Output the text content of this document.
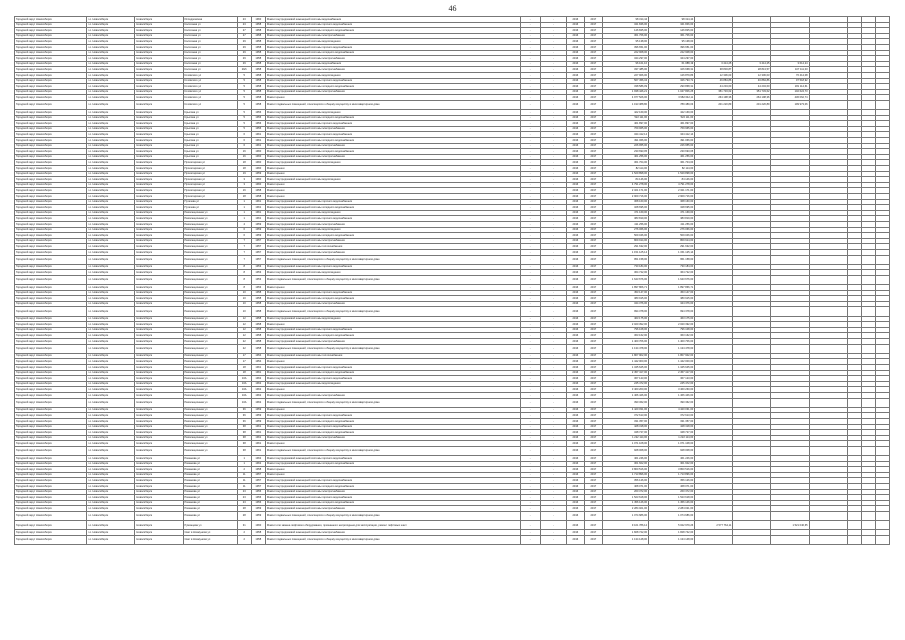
46
Городской округ Новосибирск	г.о. Новосибирск	Новосибирск	Ипподромская	23	1960	Ремонт внутридомовой инженерной системы водоснабжения	-	-	2016	2017	98 314,44	98 314,44							
Городской округ Новосибирск	г.о. Новосибирск	Новосибирск	Колхозная ул	23	1958	Ремонт внутридомовой инженерной системы горячего водоснабжения	-	-	2016	2017	341 846,00	341 846,00							
Городской округ Новосибирск	г.о. Новосибирск	Новосибирск	Колхозная ул	27	1958	Ремонт внутридомовой инженерной системы холодного водоснабжения	-	-	2016	2017	146 825,00	146 825,00							
Городской округ Новосибирск	г.о. Новосибирск	Новосибирск	Колхозная ул	27	1958	Ремонт внутридомовой инженерной системы электроснабжения	-	-	2016	2017	361 706,00	361 706,00							
Городской округ Новосибирск	г.о. Новосибирск	Новосибирск	Колхозная ул	29	1958	Ремонт внутридомовой инженерной системы водоотведения	-	-	2016	2017	95 138,00	95 138,00							
Городской округ Новосибирск	г.о. Новосибирск	Новосибирск	Колхозная ул	29	1958	Ремонт внутридомовой инженерной системы горячего водоснабжения	-	-	2016	2017	396 651,00	396 651,00							
Городской округ Новосибирск	г.о. Новосибирск	Новосибирск	Колхозная ул	29	1958	Ремонт внутридомовой инженерной системы холодного водоснабжения	-	-	2016	2017	222 908,00	222 908,00							
Городской округ Новосибирск	г.о. Новосибирск	Новосибирск	Колхозная ул	29	1958	Ремонт внутридомовой инженерной системы электроснабжения	-	-	2016	2017	344 297,00	344 297,00							
Городской округ Новосибирск	г.о. Новосибирск	Новосибирск	Колхозная ул	29	1958	Ремонт внутридомовой инженерной системы водоснабжения	-	-	2016	2017	96 101,10	61 088,19	3 414,25	3 414,25	3 614,24				
Городской округ Новосибирск	г.о. Новосибирск	Новосибирск	Колхозная ул	29/1	1958	Ремонт внутридомовой инженерной системы электроснабжения	-	-	2016	2017	337 485,00	106 668,31	38 803,87	28 813,57	107 111,03				
Городской округ Новосибирск	г.о. Новосибирск	Новосибирск	Котовского ул	5	1958	Ремонт внутридомовой инженерной системы водоотведения	-	-	2016	2017	227 906,00	126 879,86	12 306,03	12 306,03	76 414,08				
Городской округ Новосибирск	г.о. Новосибирск	Новосибирск	Котовского ул	5	1958	Ремонт внутридомовой инженерной системы горячего водоснабжения	-	-	2016	2017	567 456,34	326 793,71	46 884,86	46 884,86	97 518,92				
Городской округ Новосибирск	г.о. Новосибирск	Новосибирск	Котовского ул	5	1958	Ремонт внутридомовой инженерной системы холодного водоснабжения	-	-	2016	2017	338 586,09	290 868,31	44 204,60	44 204,60	181 114,61				
Городской округ Новосибирск	г.о. Новосибирск	Новосибирск	Котовского ул	5	1958	Ремонт внутридомовой инженерной системы электроснабжения	-	-	2016	2017	1 938 446,21	1 047 806,25	351 733,62	351 733,62	102 624,73				
Городской округ Новосибирск	г.о. Новосибирск	Новосибирск	Котовского ул	5	1958	Ремонт крыши	-	-	2016	2017	4 977 526,00	3 982 642,11	264 198,36	264 198,36	436 062,74				
Городской округ Новосибирск	г.о. Новосибирск	Новосибирск	Котовского ул	5	1958	Ремонт подвальных помещений, относящихся к общему имуществу в многоквартирном доме	-	-	2016	2017	1 193 388,80	789 489,03	201 220,89	201 220,89	199 973,06				
Городской округ Новосибирск	г.о. Новосибирск	Новосибирск	Крылова ул	5	1956	Ремонт внутридомовой инженерной системы водоотведения	-	-	2016	2017	422 169,00	422 169,00							
Городской округ Новосибирск	г.о. Новосибирск	Новосибирск	Крылова ул	5	1956	Ремонт внутридомовой инженерной системы холодного водоснабжения	-	-	2016	2017	522 111,00	522 111,00							
Городской округ Новосибирск	г.о. Новосибирск	Новосибирск	Крылова ул	5	1956	Ремонт внутридомовой инженерной системы горячего водоснабжения	-	-	2016	2017	461 897,00	461 897,00							
Городской округ Новосибирск	г.о. Новосибирск	Новосибирск	Крылова ул	5	1956	Ремонт внутридомовой инженерной системы электроснабжения	-	-	2016	2017	769 965,00	769 965,00							
Городской округ Новосибирск	г.о. Новосибирск	Новосибирск	Крылова ул	6	1961	Ремонт внутридомовой инженерной системы горячего водоснабжения	-	-	2016	2017	344 412,14	344 412,14							
Городской округ Новосибирск	г.о. Новосибирск	Новосибирск	Крылова ул	6	1961	Ремонт внутридомовой инженерной системы холодного водоснабжения	-	-	2016	2017	491 066,00	491 066,00							
Городской округ Новосибирск	г.о. Новосибирск	Новосибирск	Крылова ул	6	1961	Ремонт внутридомовой инженерной системы электроснабжения	-	-	2016	2017	226 955,00	226 955,00							
Городской округ Новосибирск	г.о. Новосибирск	Новосибирск	Крылова ул	16	1960	Ремонт внутридомовой инженерной системы холодного водоснабжения	-	-	2016	2017	230 693,05	230 693,05							
Городской округ Новосибирск	г.о. Новосибирск	Новосибирск	Крылова ул	16	1960	Ремонт внутридомовой инженерной системы электроснабжения	-	-	2016	2017	461 256,00	461 256,00							
Городской округ Новосибирск	г.о. Новосибирск	Новосибирск	Пролетарская ул	18	1960	Ремонт внутридомовой инженерной системы водоотведения	-	-	2016	2017	361 704,00	361 704,00							
Городской округ Новосибирск	г.о. Новосибирск	Новосибирск	Пролетарская ул	18	1960	Ремонт крыши	-	-	2016	2017	82 114,00	82 114,00							
Городской округ Новосибирск	г.о. Новосибирск	Новосибирск	Пролетарская ул	19	1959	Ремонт крыши	-	-	2016	2017	1 529 898,00	1 529 898,00							
Городской округ Новосибирск	г.о. Новосибирск	Новосибирск	Пролетарская ул	3	1960	Ремонт внутридомовой инженерной системы водоотведения	-	-	2016	2017	84 146,00	84 146,00							
Городской округ Новосибирск	г.о. Новосибирск	Новосибирск	Пролетарская ул	3	1960	Ремонт крыши	-	-	2016	2017	4 791 278,00	4 791 278,00							
Городской округ Новосибирск	г.о. Новосибирск	Новосибирск	Пролетарская ул	16	1958	Ремонт крыши	-	-	2016	2017	2 321 171,00	2 321 171,00							
Городской округ Новосибирск	г.о. Новосибирск	Новосибирск	Пролетарская ул	18	1958	Ремонт крыши	-	-	2016	2017	2 909 716,00	2 909 716,00							
Городской округ Новосибирск	г.о. Новосибирск	Новосибирск	Пугачева ул	1	1961	Ремонт внутридомовой инженерной системы горячего водоснабжения	-	-	2016	2017	368 160,00	368 160,00							
Городской округ Новосибирск	г.о. Новосибирск	Новосибирск	Пугачева ул	1	1961	Ремонт внутридомовой инженерной системы холодного водоснабжения	-	-	2016	2017	328 695,00	328 695,00							
Городской округ Новосибирск	г.о. Новосибирск	Новосибирск	Революционная ул	1	1961	Ремонт внутридомовой инженерной системы водоотведения	-	-	2016	2017	471 169,00	471 169,00							
Городской округ Новосибирск	г.о. Новосибирск	Новосибирск	Революционная ул	1	1961	Ремонт внутридомовой инженерной системы горячего водоснабжения	-	-	2016	2017	383 819,00	383 819,00							
Городской округ Новосибирск	г.о. Новосибирск	Новосибирск	Революционная ул	4	1959	Ремонт внутридомовой инженерной системы электроснабжения	-	-	2016	2017	411 256,00	411 256,00							
Городской округ Новосибирск	г.о. Новосибирск	Новосибирск	Революционная ул	6	1959	Ремонт внутридомовой инженерной системы водоотведения	-	-	2016	2017	276 066,00	276 066,00							
Городской округ Новосибирск	г.о. Новосибирск	Новосибирск	Революционная ул	6	1959	Ремонт внутридомовой инженерной системы холодного водоснабжения	-	-	2016	2017	509 046,00	509 046,00							
Городской округ Новосибирск	г.о. Новосибирск	Новосибирск	Революционная ул	7	1957	Ремонт внутридомовой инженерной системы электроснабжения	-	-	2016	2017	809 914,00	809 914,00							
Городской округ Новосибирск	г.о. Новосибирск	Новосибирск	Революционная ул	7	1957	Ремонт внутридомовой инженерной системы теплоснабжения	-	-	2016	2017	291 632,00	291 632,00							
Городской округ Новосибирск	г.о. Новосибирск	Новосибирск	Революционная ул	7	1957	Ремонт внутридомовой инженерной системы электроснабжения	-	-	2016	2017	1 151 125,14	1 151 125,14							
Городской округ Новосибирск	г.о. Новосибирск	Новосибирск	Революционная ул	7	1957	Ремонт подвальных помещений, относящихся к общему имуществу в многоквартирном доме	-	-	2016	2017	951 158,00	951 158,00							
Городской округ Новосибирск	г.о. Новосибирск	Новосибирск	Революционная ул	8	1953	Ремонт внутридомовой инженерной системы горячего водоснабжения	-	-	2016	2017	730 184,00	730 184,00							
Городской округ Новосибирск	г.о. Новосибирск	Новосибирск	Революционная ул	8	1953	Ремонт внутридомовой инженерной системы водоотведения	-	-	2016	2017	364 722,00	364 722,00							
Городской округ Новосибирск	г.о. Новосибирск	Новосибирск	Революционная ул	8	1953	Ремонт подвальных помещений, относящихся к общему имуществу в многоквартирном доме	-	-	2016	2017	1 643 676,00	1 643 676,00							
Городской округ Новосибирск	г.о. Новосибирск	Новосибирск	Революционная ул	8	1953	Ремонт крыши	-	-	2016	2017	1 897 866,71	1 897 866,71							
Городской округ Новосибирск	г.о. Новосибирск	Новосибирск	Революционная ул	10	1958	Ремонт внутридомовой инженерной системы горячего водоснабжения	-	-	2016	2017	453 147,00	453 147,00							
Городской округ Новосибирск	г.о. Новосибирск	Новосибирск	Революционная ул	10	1958	Ремонт внутридомовой инженерной системы холодного водоснабжения	-	-	2016	2017	380 915,00	380 915,00							
Городской округ Новосибирск	г.о. Новосибирск	Новосибирск	Революционная ул	10	1958	Ремонт внутридомовой инженерной системы электроснабжения	-	-	2016	2017	344 376,00	344 376,00							
Городской округ Новосибирск	г.о. Новосибирск	Новосибирск	Революционная ул	10	1958	Ремонт подвальных помещений, относящихся к общему имуществу в многоквартирном доме	-	-	2016	2017	994 378,00	994 378,00							
Городской округ Новосибирск	г.о. Новосибирск	Новосибирск	Революционная ул	12	1958	Ремонт внутридомовой инженерной системы водоотведения	-	-	2016	2017	463 175,00	463 175,00							
Городской округ Новосибирск	г.о. Новосибирск	Новосибирск	Революционная ул	12	1958	Ремонт крыши	-	-	2016	2017	2 020 392,00	2 020 392,00							
Городской округ Новосибирск	г.о. Новосибирск	Новосибирск	Революционная ул	12	1958	Ремонт внутридомовой инженерной системы горячего водоснабжения	-	-	2016	2017	796 108,00	796 108,00							
Городской округ Новосибирск	г.о. Новосибирск	Новосибирск	Революционная ул	12	1958	Ремонт внутридомовой инженерной системы холодного водоснабжения	-	-	2016	2017	363 162,00	363 162,00							
Городской округ Новосибирск	г.о. Новосибирск	Новосибирск	Революционная ул	22	1958	Ремонт внутридомовой инженерной системы электроснабжения	-	-	2016	2017	1 400 706,00	1 400 706,00							
Городской округ Новосибирск	г.о. Новосибирск	Новосибирск	Революционная ул	22	1958	Ремонт подвальных помещений, относящихся к общему имуществу в многоквартирном доме	-	-	2016	2017	1 134 478,00	1 134 478,00							
Городской округ Новосибирск	г.о. Новосибирск	Новосибирск	Революционная ул	17	1954	Ремонт внутридомовой инженерной системы теплоснабжения	-	-	2016	2017	1 807 902,00	1 807 902,00							
Городской округ Новосибирск	г.о. Новосибирск	Новосибирск	Революционная ул	17	1954	Ремонт крыши	-	-	2016	2017	1 442 000,00	1 442 000,00							
Городской округ Новосибирск	г.о. Новосибирск	Новосибирск	Революционная ул	18	1961	Ремонт внутридомовой инженерной системы горячего водоснабжения	-	-	2016	2017	1 345 645,00	1 345 645,00							
Городской округ Новосибирск	г.о. Новосибирск	Новосибирск	Революционная ул	18	1961	Ремонт внутридомовой инженерной системы холодного водоснабжения	-	-	2016	2017	2 457 417,00	2 457 417,00							
Городской округ Новосибирск	г.о. Новосибирск	Новосибирск	Революционная ул	10А	1962	Ремонт внутридомовой инженерной системы горячего водоснабжения	-	-	2016	2017	367 123,00	367 123,00							
Городской округ Новосибирск	г.о. Новосибирск	Новосибирск	Революционная ул	10А	1962	Ремонт внутридомовой инженерной системы водоотведения	-	-	2016	2017	245 472,00	245 472,00							
Городской округ Новосибирск	г.о. Новосибирск	Новосибирск	Революционная ул	10А	1962	Ремонт крыши	-	-	2016	2017	3 460 260,00	3 460 260,00							
Городской округ Новосибирск	г.о. Новосибирск	Новосибирск	Революционная ул	10А	1962	Ремонт внутридомовой инженерной системы электроснабжения	-	-	2016	2017	1 466 446,00	1 466 446,00							
Городской округ Новосибирск	г.о. Новосибирск	Новосибирск	Революционная ул	10А	1962	Ремонт подвальных помещений, относящихся к общему имуществу в многоквартирном доме	-	-	2016	2017	390 362,00	390 362,00							
Городской округ Новосибирск	г.о. Новосибирск	Новосибирск	Революционная ул	36	1959	Ремонт крыши	-	-	2016	2017	4 420 031,00	4 420 031,00							
Городской округ Новосибирск	г.о. Новосибирск	Новосибирск	Революционная ул	36	1959	Ремонт внутридомовой инженерной системы горячего водоснабжения	-	-	2016	2017	372 613,00	372 613,00							
Городской округ Новосибирск	г.о. Новосибирск	Новосибирск	Революционная ул	36	1959	Ремонт внутридомовой инженерной системы холодного водоснабжения	-	-	2016	2017	331 357,00	331 357,00							
Городской округ Новосибирск	г.о. Новосибирск	Новосибирск	Революционная ул	38	1961	Ремонт внутридомовой инженерной системы горячего водоснабжения	-	-	2016	2017	428 318,00	428 318,00							
Городской округ Новосибирск	г.о. Новосибирск	Новосибирск	Революционная ул	38	1961	Ремонт внутридомовой инженерной системы холодного водоснабжения	-	-	2016	2017	348 727,00	348 727,00							
Городской округ Новосибирск	г.о. Новосибирск	Новосибирск	Революционная ул	38	1961	Ремонт внутридомовой инженерной системы электроснабжения	-	-	2016	2017	1 222 114,00	1 222 114,00							
Городской округ Новосибирск	г.о. Новосибирск	Новосибирск	Революционная ул	38	1961	Ремонт крыши	-	-	2016	2017	1 071 108,00	1 071 108,00							
Городской округ Новосибирск	г.о. Новосибирск	Новосибирск	Революционная ул	38	1961	Ремонт подвальных помещений, относящихся к общему имуществу в многоквартирном доме	-	-	2016	2017	928 008,00	928 008,00							
Городской округ Новосибирск	г.о. Новосибирск	Новосибирск	Романова ул	1	1962	Ремонт внутридомовой инженерной системы горячего водоснабжения	-	-	2016	2017	461 246,00	461 246,00							
Городской округ Новосибирск	г.о. Новосибирск	Новосибирск	Романова ул	1	1962	Ремонт внутридомовой инженерной системы холодного водоснабжения	-	-	2016	2017	301 602,00	301 602,00							
Городской округ Новосибирск	г.о. Новосибирск	Новосибирск	Романова ул	2	1958	Ремонт крыши	-	-	2016	2017	3 800 516,00	3 800 516,00							
Городской округ Новосибирск	г.о. Новосибирск	Новосибирск	Романова ул	11	1957	Ремонт крыши	-	-	2016	2017	1 713 896,00	1 713 896,00							
Городской округ Новосибирск	г.о. Новосибирск	Новосибирск	Романова ул	11	1957	Ремонт внутридомовой инженерной системы горячего водоснабжения	-	-	2016	2017	356 126,00	356 126,00							
Городской округ Новосибирск	г.о. Новосибирск	Новосибирск	Романова ул	11	1957	Ремонт внутридомовой инженерной системы холодного водоснабжения	-	-	2016	2017	468 071,00	468 071,00							
Городской округ Новосибирск	г.о. Новосибирск	Новосибирск	Романова ул	23	1956	Ремонт внутридомовой инженерной системы электроснабжения	-	-	2016	2017	260 372,00	260 372,00							
Городской округ Новосибирск	г.о. Новосибирск	Новосибирск	Романова ул	23	1956	Ремонт внутридомовой инженерной системы горячего водоснабжения	-	-	2016	2017	1 523 618,00	1 523 618,00							
Городской округ Новосибирск	г.о. Новосибирск	Новосибирск	Романова ул	23	1956	Ремонт внутридомовой инженерной системы холодного водоснабжения	-	-	2016	2017	1 456 146,00	1 456 146,00							
Городской округ Новосибирск	г.о. Новосибирск	Новосибирск	Романова ул	28	1959	Ремонт внутридомовой инженерной системы электроснабжения	-	-	2016	2017	2 284 021,00	2 284 021,00							
Городской округ Новосибирск	г.о. Новосибирск	Новосибирск	Романова ул	28	1959	Ремонт подвальных помещений, относящихся к общему имуществу в многоквартирном доме	-	-	2016	2017	1 074 686,00	1 074 686,00							
Городской округ Новосибирск	г.о. Новосибирск	Новосибирск	Румянцева ул	31	1960	Ремонт или замена лифтового оборудования, признанного непригодным для эксплуатации, ремонт лифтовых шахт	-	-	2016	2017	9 161 786,12	5 022 979,26	2 577 764,11		1 521 046,65				
Городской округ Новосибирск	г.о. Новосибирск	Новосибирск	Свет в Коммунизм ул	2	1958	Ремонт внутридомовой инженерной системы электроснабжения	-	-	2016	2017	1 828 742,00	1 828 742,00							
Городской округ Новосибирск	г.о. Новосибирск	Новосибирск	Свет в Коммунизм ул	2	1958	Ремонт подвальных помещений, относящихся к общему имуществу в многоквартирном доме	-	-	2016	2017	1 134 148,00	1 134 148,00							
